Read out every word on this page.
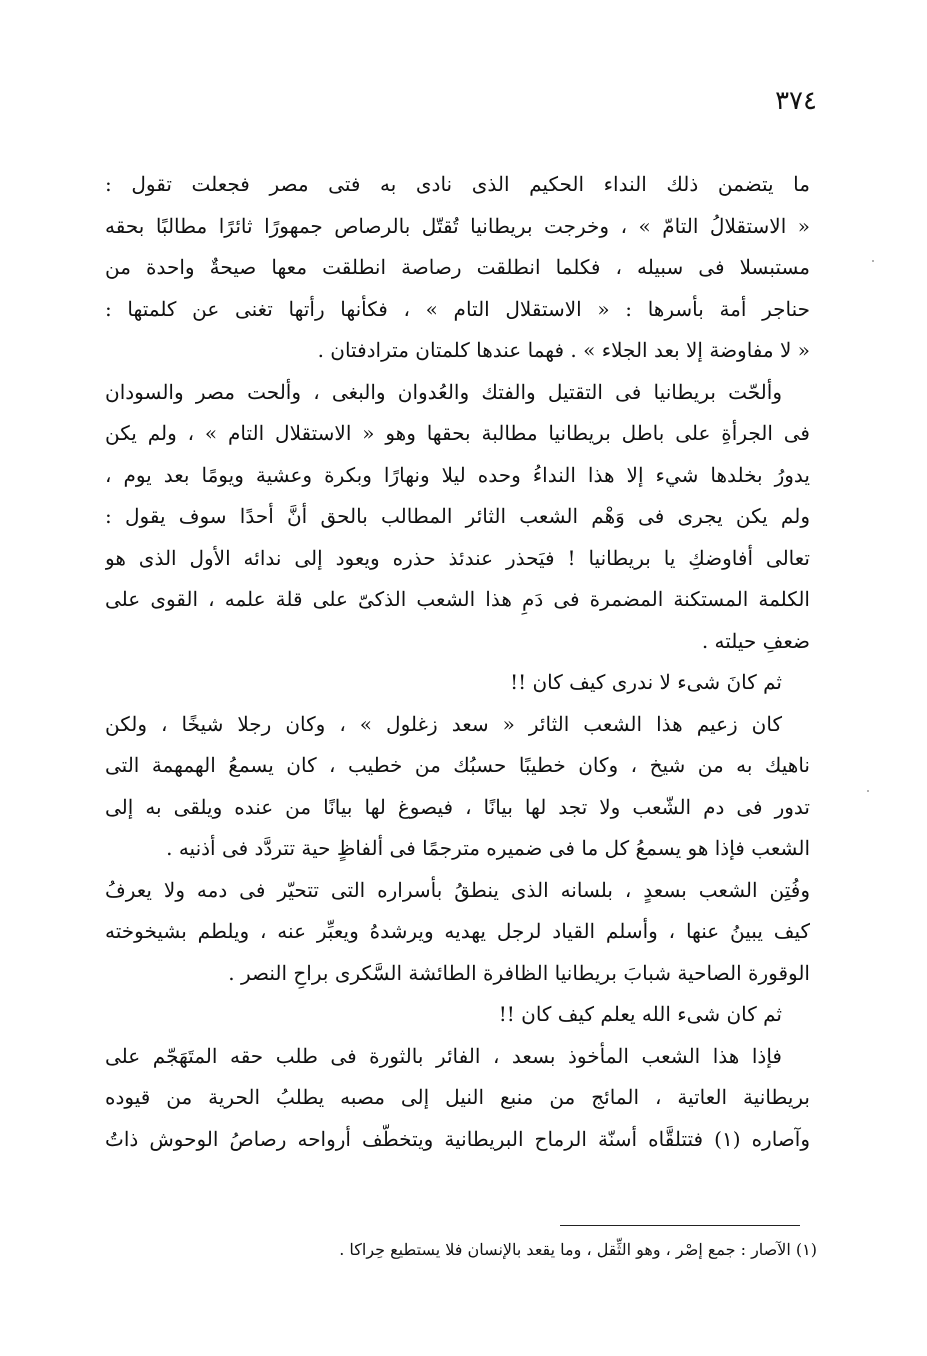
٣٧٤
ما يتضمن ذلك النداء الحكيم الذى نادى به فتى مصر فجعلت تقول :
« الاستقلالُ التامّ » ، وخرجت بريطانيا تُقتّل بالرصاص جمهورًا ثائرًا مطالبًا بحقه
مستبسلا فى سبيله ، فكلما انطلقت رصاصة انطلقت معها صيحةٌ واحدة من
حناجر أمة بأسرها : « الاستقلال التام » ، فكأنها رأتها تغنى عن كلمتها :
« لا مفاوضة إلا بعد الجلاء » . فهما عندها كلمتان مترادفتان .
وألحّت بريطانيا فى التقتيل والفتك والعُدوان والبغى ، وألحت مصر والسودان
فى الجرأةِ على باطل بريطانيا مطالبة بحقها وهو « الاستقلال التام » ، ولم يكن
يدورُ بخلدها شيء إلا هذا النداءُ وحده ليلا ونهارًا وبكرة وعشية ويومًا بعد يوم ،
ولم يكن يجرى فى وَهْم الشعب الثائر المطالب بالحق أنَّ أحدًا سوف يقول :
تعالى أفاوضكِ يا بريطانيا ! فيَحذر عندئذ حذره ويعود إلى ندائه الأول الذى هو
الكلمة المستكنة المضمرة فى دَمِ هذا الشعب الذكىّ على قلة علمه ، القوى على
ضعفِ حيلته .
ثم كانَ شىء لا ندرى كيف كان !!
كان زعيم هذا الشعب الثائر « سعد زغلول » ، وكان رجلا شيخًا ، ولكن
ناهيك به من شيخ ، وكان خطيبًا حسبُك من خطيب ، كان يسمعُ الهمهمة التى
تدور فى دم الشّعب ولا تجد لها بيانًا ، فيصوغ لها بيانًا من عنده ويلقى به إلى
الشعب فإذا هو يسمعُ كل ما فى ضميره مترجمًا فى ألفاظٍ حية تتردَّد فى أذنيه .
وفُتِن الشعب بسعدٍ ، بلسانه الذى ينطقُ بأسراره التى تتحيّر فى دمه ولا يعرفُ
كيف يبينُ عنها ، وأسلم القياد لرجل يهديه ويرشدهُ ويعبِّر عنه ، ويلطم بشيخوخته
الوقورة الصاحية شبابَ بريطانيا الظافرة الطائشة السَّكرى براحِ النصر .
ثم كان شىء الله يعلم كيف كان !!
فإذا هذا الشعب المأخوذ بسعد ، الفائر بالثورة فى طلب حقه المتَهَجّم على
بريطانية العاتية ، المائج من منبع النيل إلى مصبه يطلبُ الحرية من قيوده
وآصاره (١) فتتلقَّاه أسنّة الرماح البريطانية ويتخطّف أرواحه رصاصُ الوحوش ذاتُ
(١) الآصار : جمع إصْر ، وهو الثِّقل ، وما يقعد بالإنسان فلا يستطيع حِراكا .
